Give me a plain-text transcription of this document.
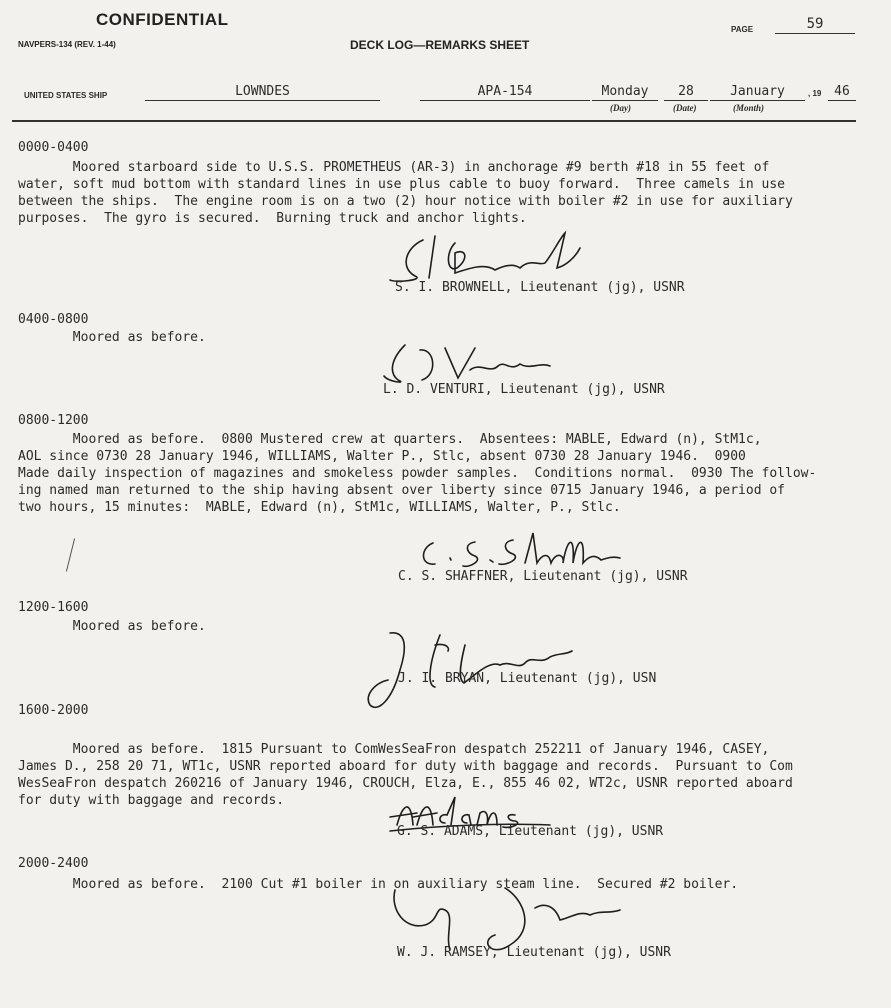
CONFIDENTIAL
NAVPERS-134 (REV. 1-44)	DECK LOG—REMARKS SHEET
PAGE	59
UNITED STATES SHIP	LOWNDES	APA-154	Monday	28	January
(Day)	(Date)	(Month)
, 19 46
0000-0400

Moored starboard side to U.S.S. PROMETHEUS (AR-3) in anchorage #9 berth #18 in 55 feet of

water, soft mud bottom with standard lines in use plus cable to buoy forward.  Three camels in use

between the ships.  The engine room is on a two (2) hour notice with boiler #2 in use for auxiliary

purposes.  The gyro is secured.  Burning truck and anchor lights.

S. I. BROWNELL, Lieutenant (jg), USNR
0400-0800

Moored as before.

L. D. VENTURI, Lieutenant (jg), USNR
0800-1200

Moored as before.  0800 Mustered crew at quarters.  Absentees: MABLE, Edward (n), StM1c,

AOL since 0730 28 January 1946, WILLIAMS, Walter P., Stlc, absent 0730 28 January 1946.  0900

Made daily inspection of magazines and smokeless powder samples.  Conditions normal.  0930 The follow-

ing named man returned to the ship having absent over liberty since 0715 January 1946, a period of

two hours, 15 minutes:  MABLE, Edward (n), StM1c, WILLIAMS, Walter, P., Stlc.

C. S. SHAFFNER, Lieutenant (jg), USNR
1200-1600

Moored as before.

J. I. BRYAN, Lieutenant (jg), USN
1600-2000

Moored as before.  1815 Pursuant to ComWesSeaFron despatch 252211 of January 1946, CASEY,

James D., 258 20 71, WT1c, USNR reported aboard for duty with baggage and records.  Pursuant to Com

WesSeaFron despatch 260216 of January 1946, CROUCH, Elza, E., 855 46 02, WT2c, USNR reported aboard

for duty with baggage and records.

G. S. ADAMS, Lieutenant (jg), USNR
2000-2400

Moored as before.  2100 Cut #1 boiler in on auxiliary steam line.  Secured #2 boiler.

W. J. RAMSEY, Lieutenant (jg), USNR
